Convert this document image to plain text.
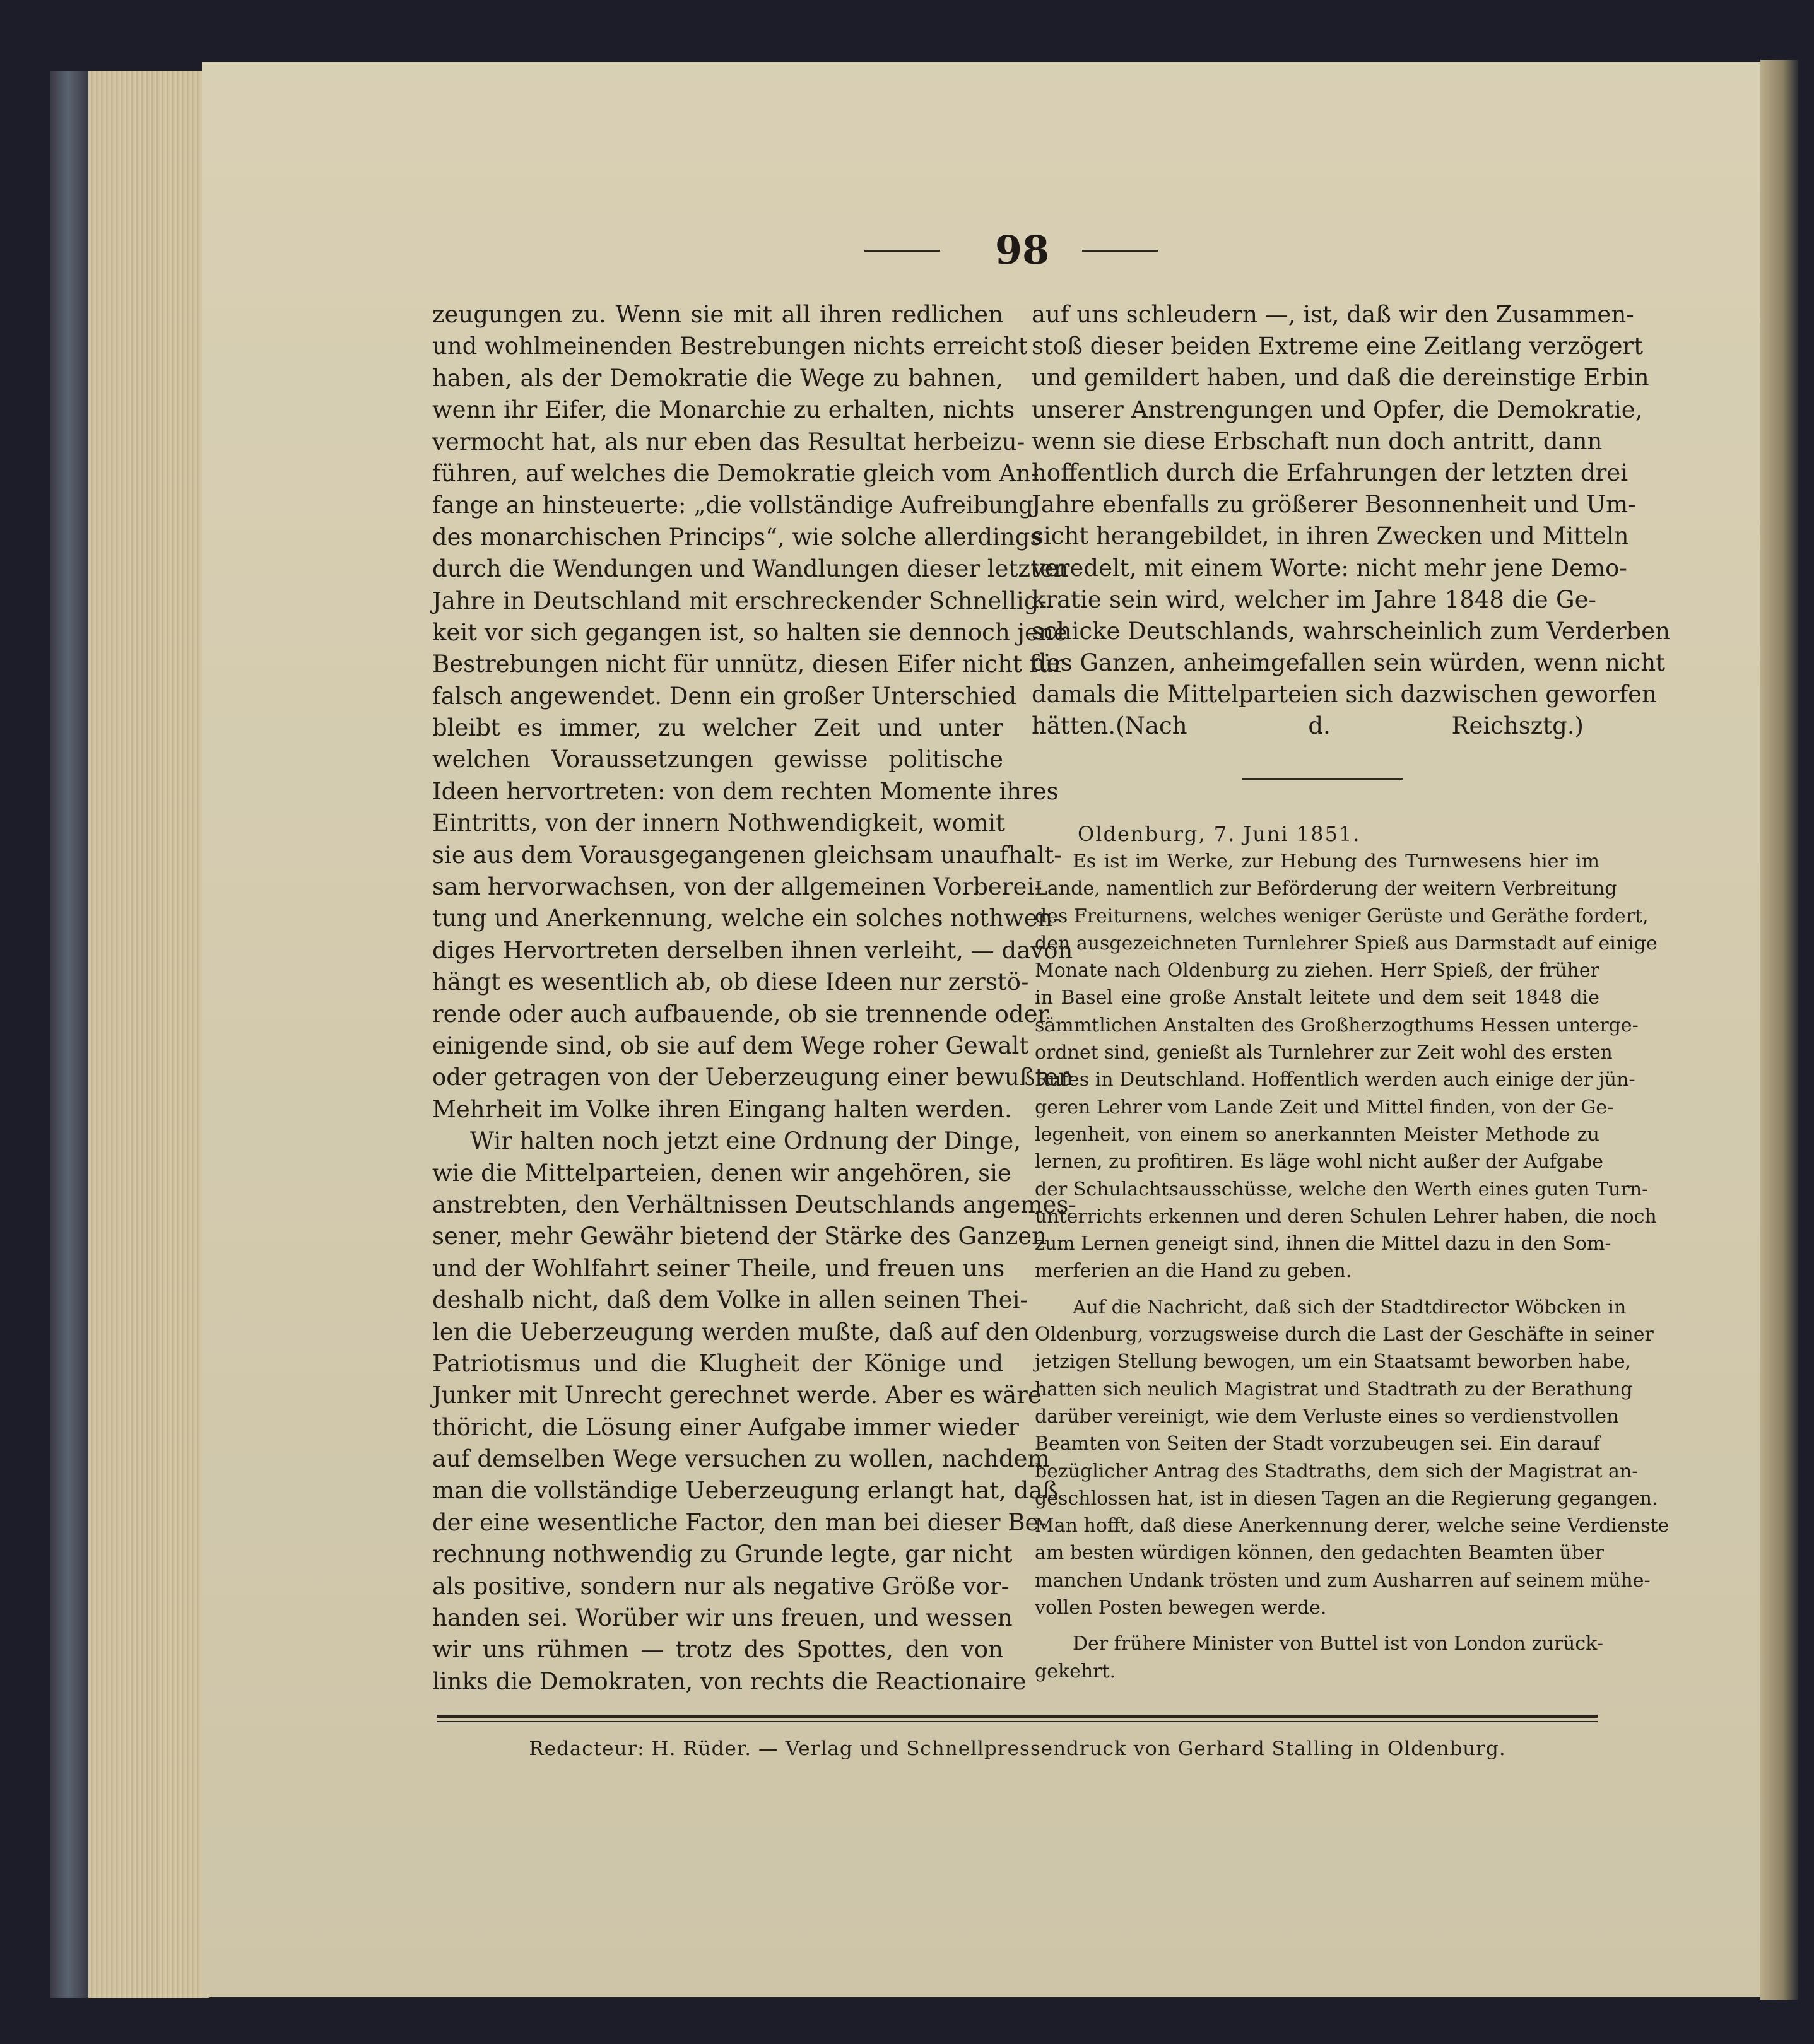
98
zeugungen zu. Wenn sie mit all ihren redlichen
und wohlmeinenden Bestrebungen nichts erreicht
haben, als der Demokratie die Wege zu bahnen,
wenn ihr Eifer, die Monarchie zu erhalten, nichts
vermocht hat, als nur eben das Resultat herbeizu-
führen, auf welches die Demokratie gleich vom An-
fange an hinsteuerte: „die vollständige Aufreibung
des monarchischen Princips“, wie solche allerdings
durch die Wendungen und Wandlungen dieser letzten
Jahre in Deutschland mit erschreckender Schnellig-
keit vor sich gegangen ist, so halten sie dennoch jene
Bestrebungen nicht für unnütz, diesen Eifer nicht für
falsch angewendet. Denn ein großer Unterschied
bleibt es immer, zu welcher Zeit und unter
welchen Voraussetzungen gewisse politische
Ideen hervortreten: von dem rechten Momente ihres
Eintritts, von der innern Nothwendigkeit, womit
sie aus dem Vorausgegangenen gleichsam unaufhalt-
sam hervorwachsen, von der allgemeinen Vorberei-
tung und Anerkennung, welche ein solches nothwen-
diges Hervortreten derselben ihnen verleiht, — davon
hängt es wesentlich ab, ob diese Ideen nur zerstö-
rende oder auch aufbauende, ob sie trennende oder
einigende sind, ob sie auf dem Wege roher Gewalt
oder getragen von der Ueberzeugung einer bewußten
Mehrheit im Volke ihren Eingang halten werden.
Wir halten noch jetzt eine Ordnung der Dinge,
wie die Mittelparteien, denen wir angehören, sie
anstrebten, den Verhältnissen Deutschlands angemes-
sener, mehr Gewähr bietend der Stärke des Ganzen
und der Wohlfahrt seiner Theile, und freuen uns
deshalb nicht, daß dem Volke in allen seinen Thei-
len die Ueberzeugung werden mußte, daß auf den
Patriotismus und die Klugheit der Könige und
Junker mit Unrecht gerechnet werde. Aber es wäre
thöricht, die Lösung einer Aufgabe immer wieder
auf demselben Wege versuchen zu wollen, nachdem
man die vollständige Ueberzeugung erlangt hat, daß
der eine wesentliche Factor, den man bei dieser Be-
rechnung nothwendig zu Grunde legte, gar nicht
als positive, sondern nur als negative Größe vor-
handen sei. Worüber wir uns freuen, und wessen
wir uns rühmen — trotz des Spottes, den von
links die Demokraten, von rechts die Reactionaire
auf uns schleudern —, ist, daß wir den Zusammen-
stoß dieser beiden Extreme eine Zeitlang verzögert
und gemildert haben, und daß die dereinstige Erbin
unserer Anstrengungen und Opfer, die Demokratie,
wenn sie diese Erbschaft nun doch antritt, dann
hoffentlich durch die Erfahrungen der letzten drei
Jahre ebenfalls zu größerer Besonnenheit und Um-
sicht herangebildet, in ihren Zwecken und Mitteln
veredelt, mit einem Worte: nicht mehr jene Demo-
kratie sein wird, welcher im Jahre 1848 die Ge-
schicke Deutschlands, wahrscheinlich zum Verderben
des Ganzen, anheimgefallen sein würden, wenn nicht
damals die Mittelparteien sich dazwischen geworfen
hätten.(Nach d. Reichsztg.)
Oldenburg, 7. Juni 1851.
Es ist im Werke, zur Hebung des Turnwesens hier im
Lande, namentlich zur Beförderung der weitern Verbreitung
des Freiturnens, welches weniger Gerüste und Geräthe fordert,
den ausgezeichneten Turnlehrer Spieß aus Darmstadt auf einige
Monate nach Oldenburg zu ziehen. Herr Spieß, der früher
in Basel eine große Anstalt leitete und dem seit 1848 die
sämmtlichen Anstalten des Großherzogthums Hessen unterge-
ordnet sind, genießt als Turnlehrer zur Zeit wohl des ersten
Rufes in Deutschland. Hoffentlich werden auch einige der jün-
geren Lehrer vom Lande Zeit und Mittel finden, von der Ge-
legenheit, von einem so anerkannten Meister Methode zu
lernen, zu profitiren. Es läge wohl nicht außer der Aufgabe
der Schulachtsausschüsse, welche den Werth eines guten Turn-
unterrichts erkennen und deren Schulen Lehrer haben, die noch
zum Lernen geneigt sind, ihnen die Mittel dazu in den Som-
merferien an die Hand zu geben.
Auf die Nachricht, daß sich der Stadtdirector Wöbcken in
Oldenburg, vorzugsweise durch die Last der Geschäfte in seiner
jetzigen Stellung bewogen, um ein Staatsamt beworben habe,
hatten sich neulich Magistrat und Stadtrath zu der Berathung
darüber vereinigt, wie dem Verluste eines so verdienstvollen
Beamten von Seiten der Stadt vorzubeugen sei. Ein darauf
bezüglicher Antrag des Stadtraths, dem sich der Magistrat an-
geschlossen hat, ist in diesen Tagen an die Regierung gegangen.
Man hofft, daß diese Anerkennung derer, welche seine Verdienste
am besten würdigen können, den gedachten Beamten über
manchen Undank trösten und zum Ausharren auf seinem mühe-
vollen Posten bewegen werde.
Der frühere Minister von Buttel ist von London zurück-
gekehrt.
Redacteur: H. Rüder. — Verlag und Schnellpressendruck von Gerhard Stalling in Oldenburg.
